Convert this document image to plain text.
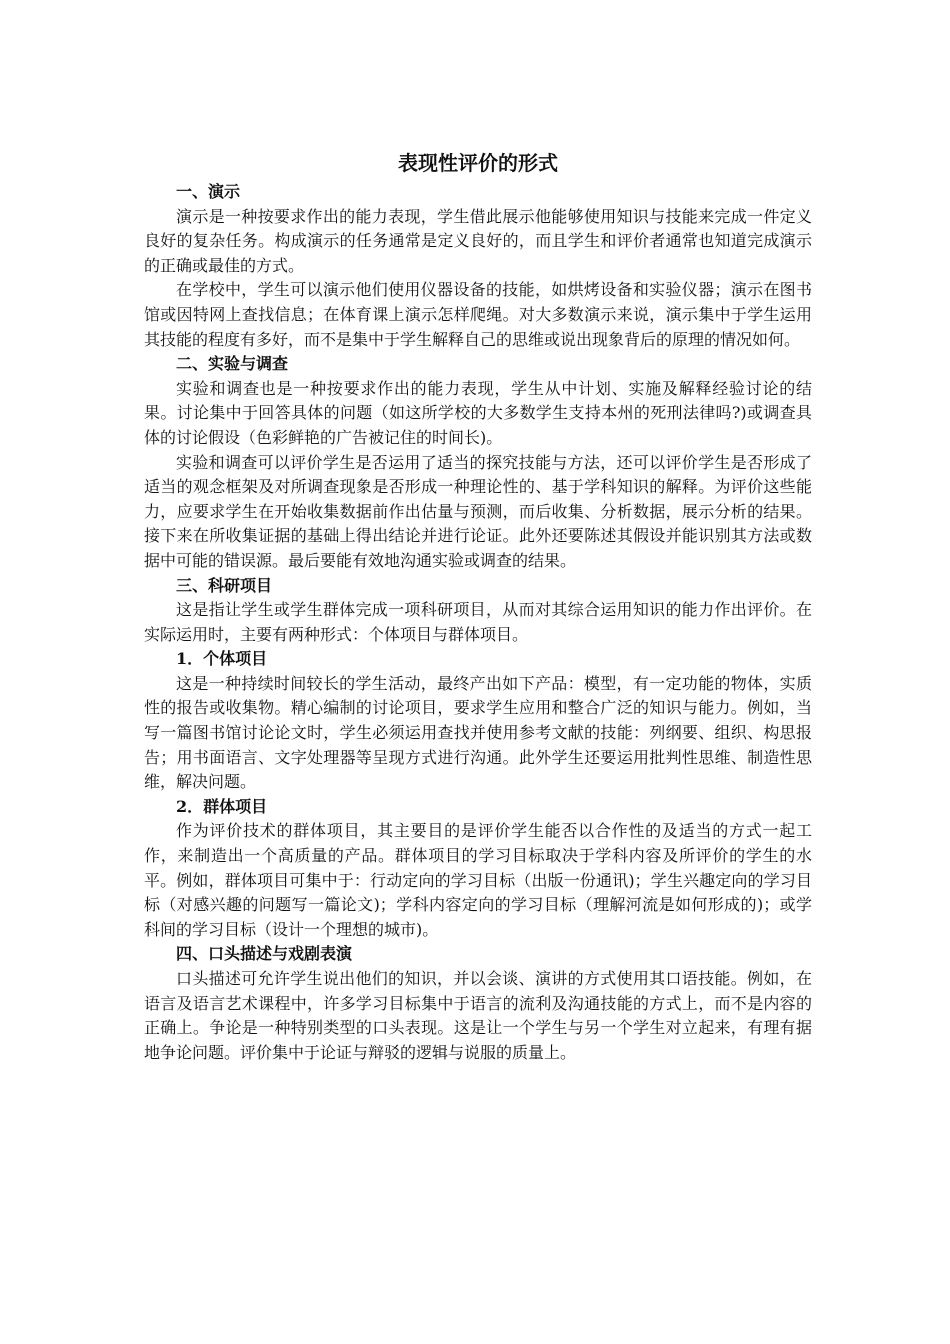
表现性评价的形式
一、演示

演示是一种按要求作出的能力表现，学生借此展示他能够使用知识与技能来完成一件定义良好的复杂任务。构成演示的任务通常是定义良好的，而且学生和评价者通常也知道完成演示的正确或最佳的方式。

在学校中，学生可以演示他们使用仪器设备的技能，如烘烤设备和实验仪器；演示在图书馆或因特网上查找信息；在体育课上演示怎样爬绳。对大多数演示来说，演示集中于学生运用其技能的程度有多好，而不是集中于学生解释自己的思维或说出现象背后的原理的情况如何。

二、实验与调查

实验和调查也是一种按要求作出的能力表现，学生从中计划、实施及解释经验讨论的结果。讨论集中于回答具体的问题（如这所学校的大多数学生支持本州的死刑法律吗?)或调查具体的讨论假设（色彩鲜艳的广告被记住的时间长)。

实验和调查可以评价学生是否运用了适当的探究技能与方法，还可以评价学生是否形成了适当的观念框架及对所调查现象是否形成一种理论性的、基于学科知识的解释。为评价这些能力，应要求学生在开始收集数据前作出估量与预测，而后收集、分析数据，展示分析的结果。接下来在所收集证据的基础上得出结论并进行论证。此外还要陈述其假设并能识别其方法或数据中可能的错误源。最后要能有效地沟通实验或调查的结果。

三、科研项目

这是指让学生或学生群体完成一项科研项目，从而对其综合运用知识的能力作出评价。在实际运用时，主要有两种形式：个体项目与群体项目。

1．个体项目

这是一种持续时间较长的学生活动，最终产出如下产品：模型，有一定功能的物体，实质性的报告或收集物。精心编制的讨论项目，要求学生应用和整合广泛的知识与能力。例如，当写一篇图书馆讨论论文时，学生必须运用查找并使用参考文献的技能：列纲要、组织、构思报告；用书面语言、文字处理器等呈现方式进行沟通。此外学生还要运用批判性思维、制造性思维，解决问题。

2．群体项目

作为评价技术的群体项目，其主要目的是评价学生能否以合作性的及适当的方式一起工作，来制造出一个高质量的产品。群体项目的学习目标取决于学科内容及所评价的学生的水平。例如，群体项目可集中于：行动定向的学习目标（出版一份通讯)；学生兴趣定向的学习目标（对感兴趣的问题写一篇论文)；学科内容定向的学习目标（理解河流是如何形成的)；或学科间的学习目标（设计一个理想的城市)。

四、口头描述与戏剧表演

口头描述可允许学生说出他们的知识，并以会谈、演讲的方式使用其口语技能。例如，在语言及语言艺术课程中，许多学习目标集中于语言的流利及沟通技能的方式上，而不是内容的正确上。争论是一种特别类型的口头表现。这是让一个学生与另一个学生对立起来，有理有据地争论问题。评价集中于论证与辩驳的逻辑与说服的质量上。
